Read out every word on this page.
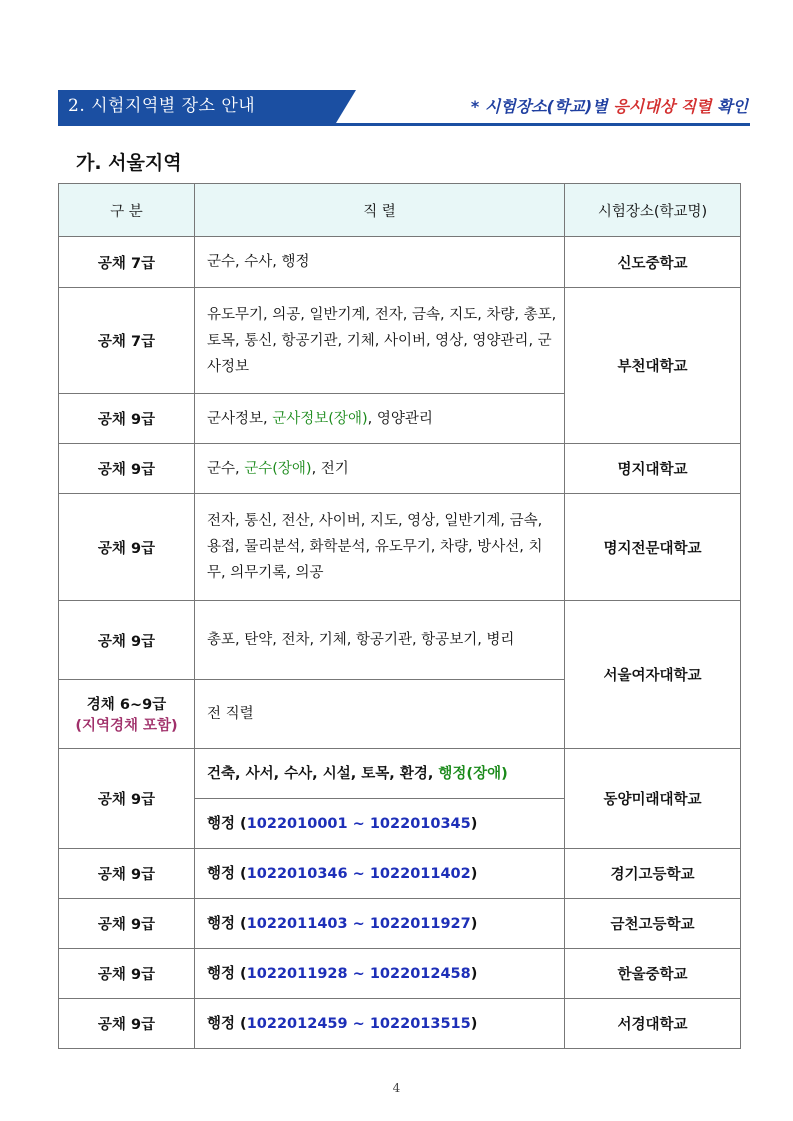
2. 시험지역별 장소 안내	* 시험장소(학교)별 응시대상 직렬 확인
가. 서울지역
구 분	직 렬	시험장소(학교명)
공채 7급	군수, 수사, 행정	신도중학교
공채 7급	유도무기, 의공, 일반기계, 전자, 금속, 지도, 차량, 총포, 토목, 통신, 항공기관, 기체, 사이버, 영상, 영양관리, 군사정보	부천대학교
공채 9급	군사정보, 군사정보(장애), 영양관리	
공채 9급	군수, 군수(장애), 전기	명지대학교
공채 9급	전자, 통신, 전산, 사이버, 지도, 영상, 일반기계, 금속, 용접, 물리분석, 화학분석, 유도무기, 차량, 방사선, 치무, 의무기록, 의공	명지전문대학교
공채 9급	총포, 탄약, 전차, 기체, 항공기관, 항공보기, 병리	서울여자대학교
경채 6~9급
(지역경채 포함)	전 직렬	
공채 9급	건축, 사서, 수사, 시설, 토목, 환경, 행정(장애)	동양미래대학교
	행정 (1022010001 ~ 1022010345)	
공채 9급	행정 (1022010346 ~ 1022011402)	경기고등학교
공채 9급	행정 (1022011403 ~ 1022011927)	금천고등학교
공채 9급	행정 (1022011928 ~ 1022012458)	한울중학교
공채 9급	행정 (1022012459 ~ 1022013515)	서경대학교
4
